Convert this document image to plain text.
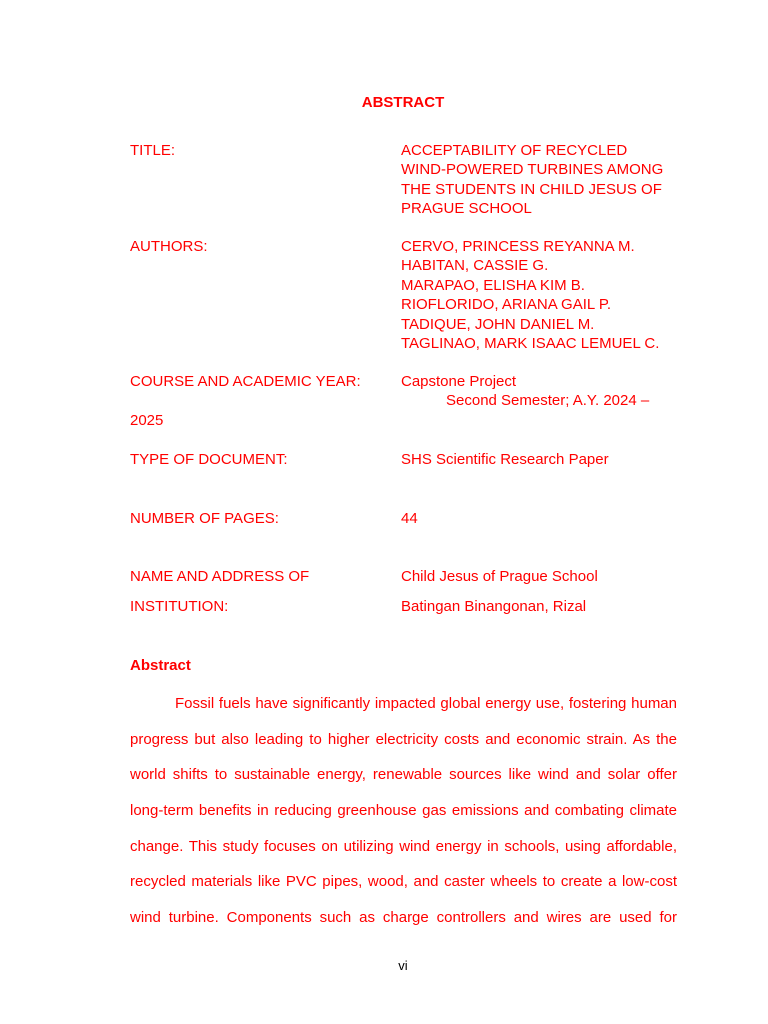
ABSTRACT
TITLE:	ACCEPTABILITY OF RECYCLED
WIND-POWERED TURBINES AMONG
THE STUDENTS IN CHILD JESUS OF
PRAGUE SCHOOL
AUTHORS:	CERVO, PRINCESS REYANNA M.
HABITAN, CASSIE G.
MARAPAO, ELISHA KIM B.
RIOFLORIDO, ARIANA GAIL P.
TADIQUE, JOHN DANIEL M.
TAGLINAO, MARK ISAAC LEMUEL C.
COURSE AND ACADEMIC YEAR:	Capstone Project
Second Semester; A.Y. 2024 –
2025
TYPE OF DOCUMENT:	SHS Scientific Research Paper
NUMBER OF PAGES:	44
NAME AND ADDRESS OF	Child Jesus of Prague School
INSTITUTION:	Batingan Binangonan, Rizal
Abstract
Fossil fuels have significantly impacted global energy use, fostering human
progress but also leading to higher electricity costs and economic strain. As the
world shifts to sustainable energy, renewable sources like wind and solar offer
long-term benefits in reducing greenhouse gas emissions and combating climate
change. This study focuses on utilizing wind energy in schools, using affordable,
recycled materials like PVC pipes, wood, and caster wheels to create a low-cost
wind turbine. Components such as charge controllers and wires are used for
vi
